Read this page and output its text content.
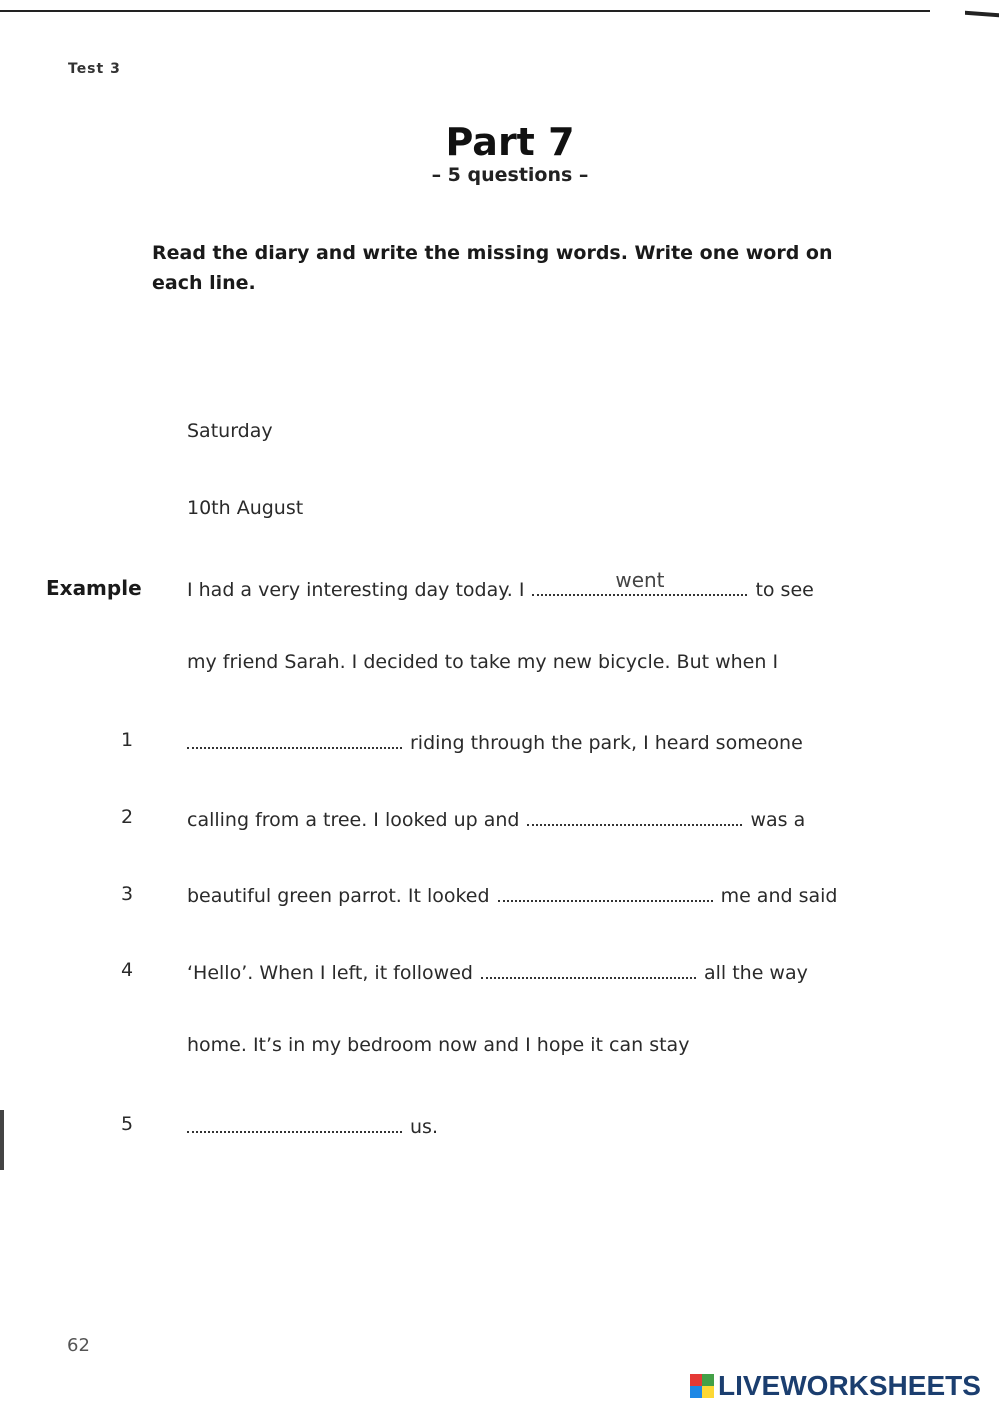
Test 3
Part 7
– 5 questions –
Read the diary and write the missing words. Write one word on each line.
Saturday
10th August
Example I had a very interesting day today. I	went	to see
my friend Sarah. I decided to take my new bicycle. But when I
1	riding through the park, I heard someone
2	calling from a tree. I looked up and	was a
3	beautiful green parrot. It looked	me and said
4	‘Hello’. When I left, it followed	all the way
home. It’s in my bedroom now and I hope it can stay
5	us.
62
LIVEWORKSHEETS
